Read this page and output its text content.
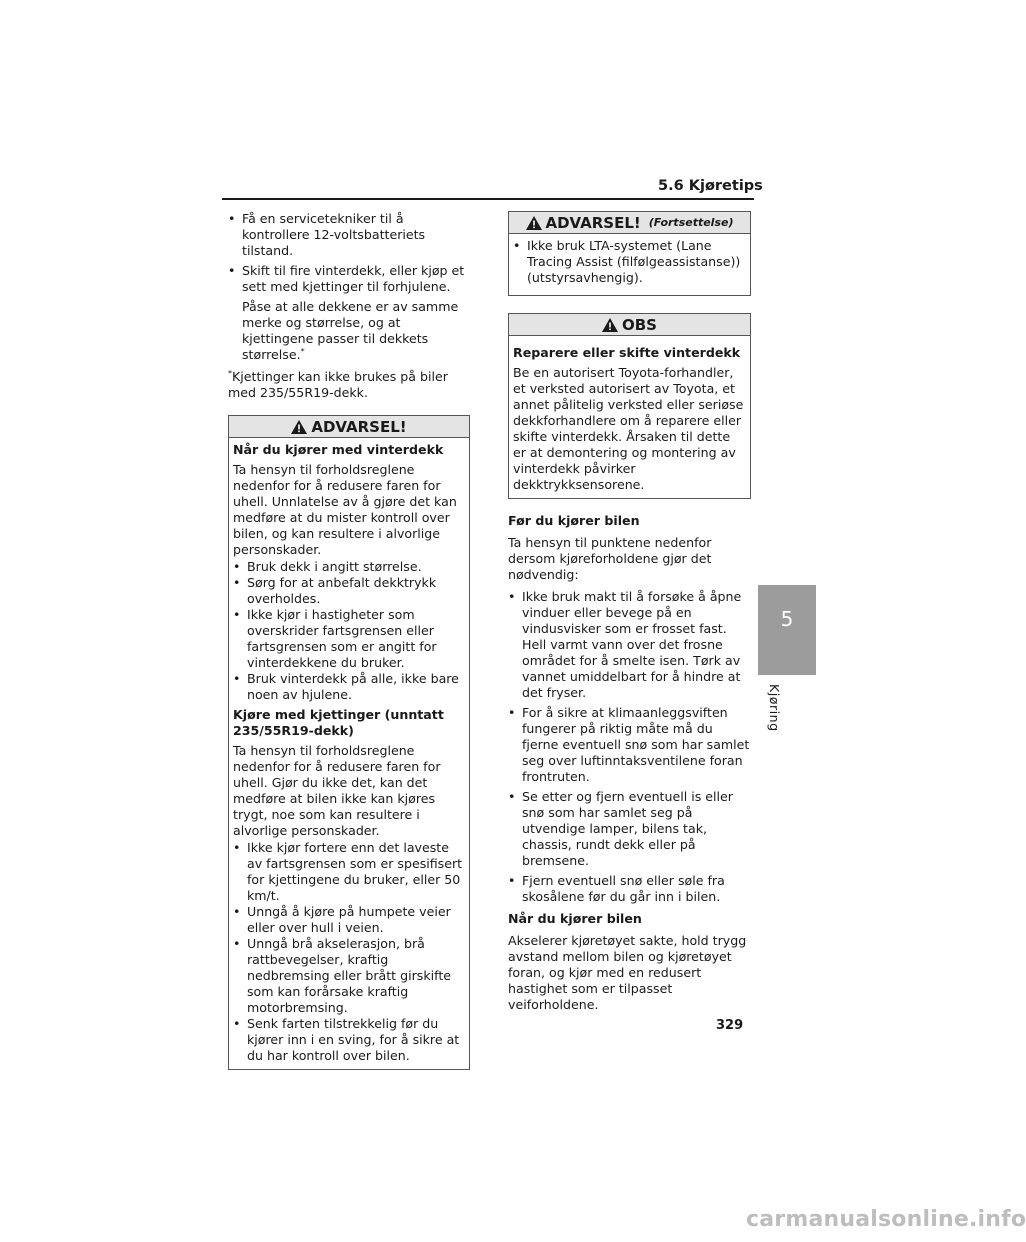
5.6 Kjøretips
5
Kjøring
• Få en servicetekniker til å kontrollere 12-voltsbatteriets tilstand.
• Skift til fire vinterdekk, eller kjøp et sett med kjettinger til forhjulene.
Påse at alle dekkene er av samme merke og størrelse, og at kjettingene passer til dekkets størrelse.*
*Kjettinger kan ikke brukes på biler med 235/55R19-dekk.
ADVARSEL!
Når du kjører med vinterdekk
Ta hensyn til forholdsreglene nedenfor for å redusere faren for uhell. Unnlatelse av å gjøre det kan medføre at du mister kontroll over bilen, og kan resultere i alvorlige personskader.
• Bruk dekk i angitt størrelse.
• Sørg for at anbefalt dekktrykk overholdes.
• Ikke kjør i hastigheter som overskrider fartsgrensen eller fartsgrensen som er angitt for vinterdekkene du bruker.
• Bruk vinterdekk på alle, ikke bare noen av hjulene.
Kjøre med kjettinger (unntatt 235/55R19-dekk)
Ta hensyn til forholdsreglene nedenfor for å redusere faren for uhell. Gjør du ikke det, kan det medføre at bilen ikke kan kjøres trygt, noe som kan resultere i alvorlige personskader.
• Ikke kjør fortere enn det laveste av fartsgrensen som er spesifisert for kjettingene du bruker, eller 50 km/t.
• Unngå å kjøre på humpete veier eller over hull i veien.
• Unngå brå akselerasjon, brå rattbevegelser, kraftig nedbremsing eller brått girskifte som kan forårsake kraftig motorbremsing.
• Senk farten tilstrekkelig før du kjører inn i en sving, for å sikre at du har kontroll over bilen.
ADVARSEL! (Fortsettelse)
• Ikke bruk LTA-systemet (Lane Tracing Assist (filfølgeassistanse)) (utstyrsavhengig).
OBS
Reparere eller skifte vinterdekk
Be en autorisert Toyota-forhandler, et verksted autorisert av Toyota, et annet pålitelig verksted eller seriøse dekkforhandlere om å reparere eller skifte vinterdekk. Årsaken til dette er at demontering og montering av vinterdekk påvirker dekktrykksensorene.
Før du kjører bilen
Ta hensyn til punktene nedenfor dersom kjøreforholdene gjør det nødvendig:
• Ikke bruk makt til å forsøke å åpne vinduer eller bevege på en vindusvisker som er frosset fast. Hell varmt vann over det frosne området for å smelte isen. Tørk av vannet umiddelbart for å hindre at det fryser.
• For å sikre at klimaanleggsviften fungerer på riktig måte må du fjerne eventuell snø som har samlet seg over luftinntaksventilene foran frontruten.
• Se etter og fjern eventuell is eller snø som har samlet seg på utvendige lamper, bilens tak, chassis, rundt dekk eller på bremsene.
• Fjern eventuell snø eller søle fra skosålene før du går inn i bilen.
Når du kjører bilen
Akselerer kjøretøyet sakte, hold trygg avstand mellom bilen og kjøretøyet foran, og kjør med en redusert hastighet som er tilpasset veiforholdene.
329
carmanualsonline.info
